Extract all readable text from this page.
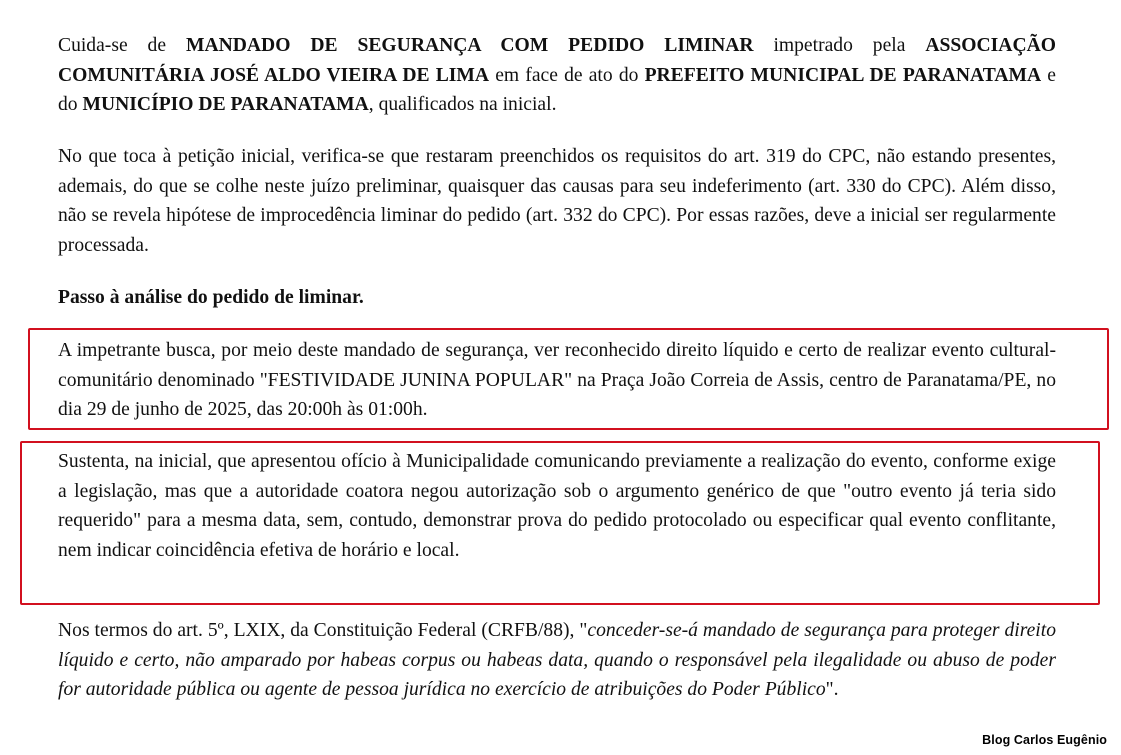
Cuida-se de MANDADO DE SEGURANÇA COM PEDIDO LIMINAR impetrado pela ASSOCIAÇÃO COMUNITÁRIA JOSÉ ALDO VIEIRA DE LIMA em face de ato do PREFEITO MUNICIPAL DE PARANATAMA e do MUNICÍPIO DE PARANATAMA, qualificados na inicial.

No que toca à petição inicial, verifica-se que restaram preenchidos os requisitos do art. 319 do CPC, não estando presentes, ademais, do que se colhe neste juízo preliminar, quaisquer das causas para seu indeferimento (art. 330 do CPC). Além disso, não se revela hipótese de improcedência liminar do pedido (art. 332 do CPC). Por essas razões, deve a inicial ser regularmente processada.

Passo à análise do pedido de liminar.

A impetrante busca, por meio deste mandado de segurança, ver reconhecido direito líquido e certo de realizar evento cultural-comunitário denominado "FESTIVIDADE JUNINA POPULAR" na Praça João Correia de Assis, centro de Paranatama/PE, no dia 29 de junho de 2025, das 20:00h às 01:00h.

Sustenta, na inicial, que apresentou ofício à Municipalidade comunicando previamente a realização do evento, conforme exige a legislação, mas que a autoridade coatora negou autorização sob o argumento genérico de que "outro evento já teria sido requerido" para a mesma data, sem, contudo, demonstrar prova do pedido protocolado ou especificar qual evento conflitante, nem indicar coincidência efetiva de horário e local.

Nos termos do art. 5º, LXIX, da Constituição Federal (CRFB/88), "conceder-se-á mandado de segurança para proteger direito líquido e certo, não amparado por habeas corpus ou habeas data, quando o responsável pela ilegalidade ou abuso de poder for autoridade pública ou agente de pessoa jurídica no exercício de atribuições do Poder Público".

Blog Carlos Eugênio
